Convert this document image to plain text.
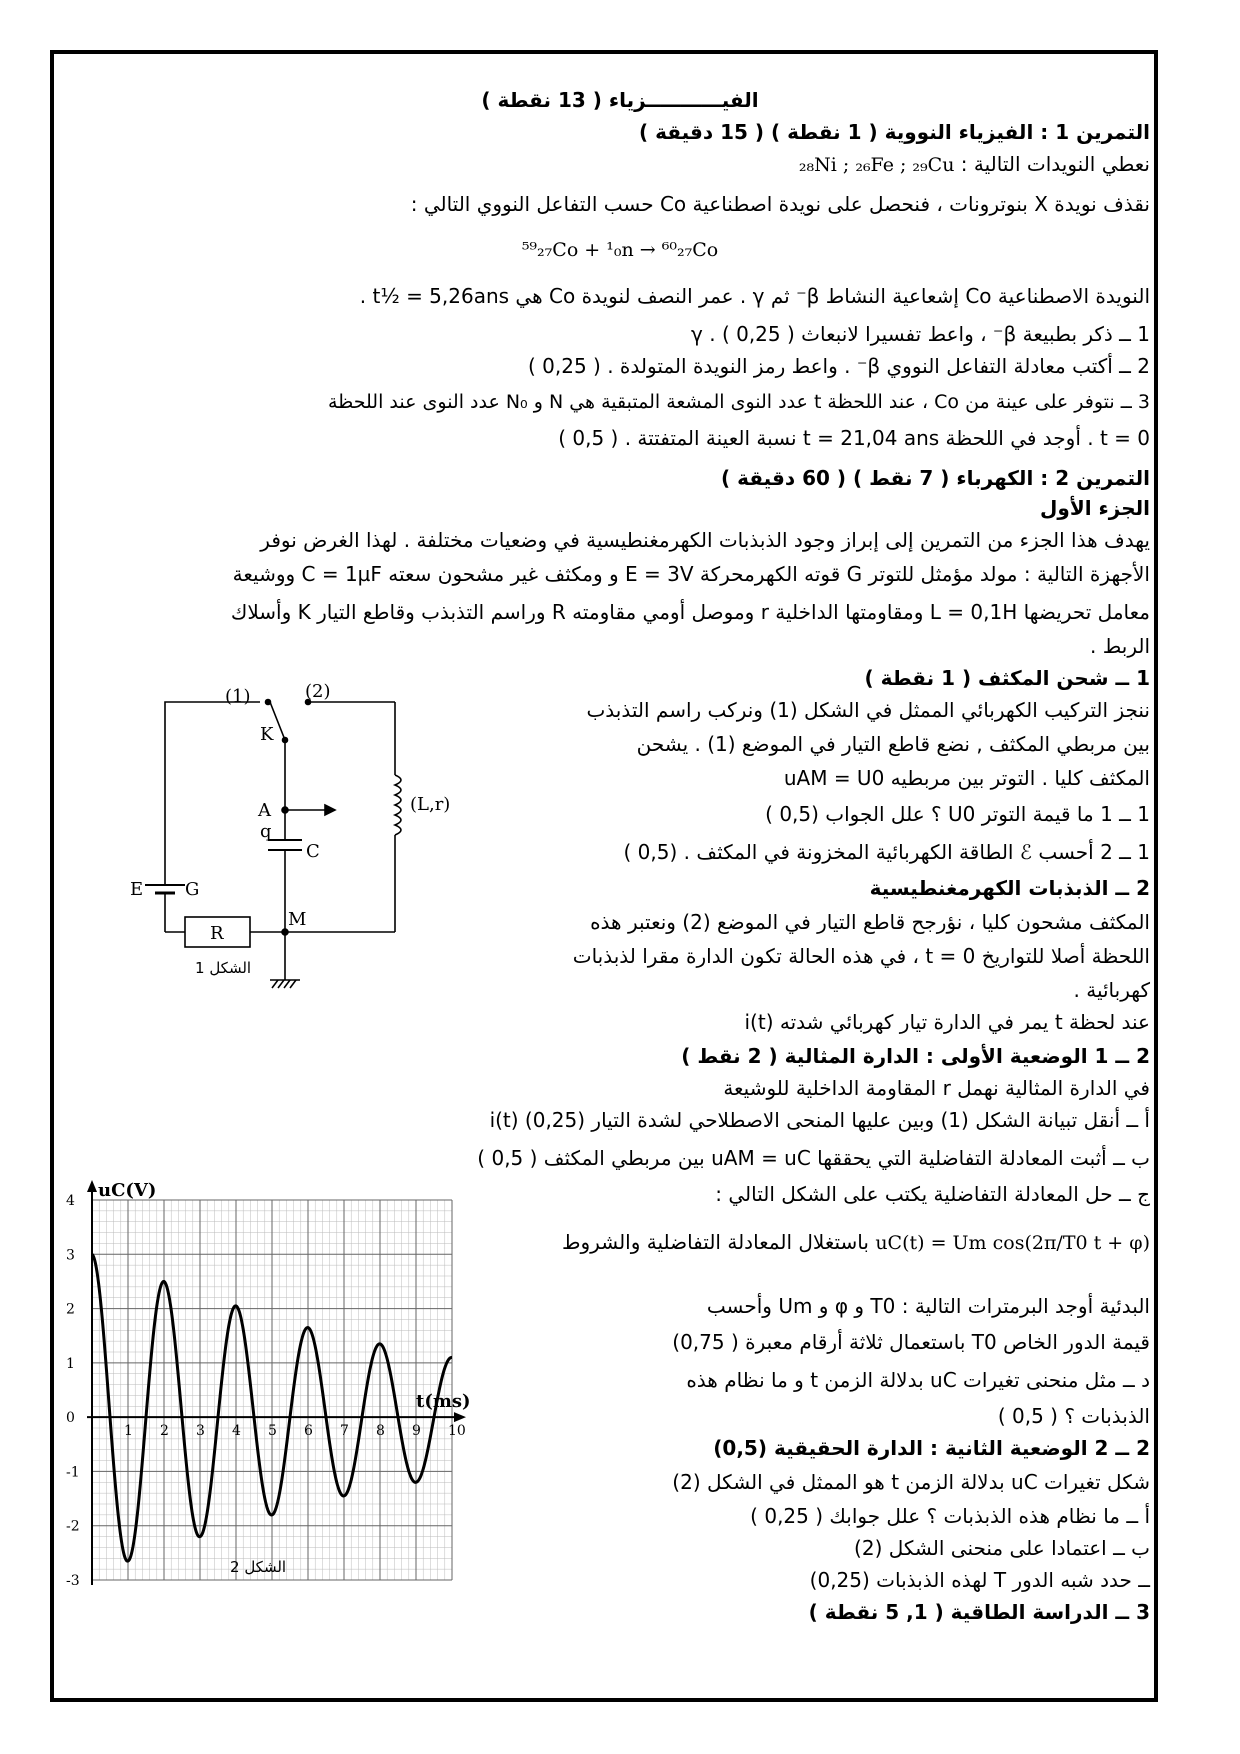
الفيـــــــــــزياء ( 13 نقطة )
التمرين 1 : الفيزياء النووية ( 1 نقطة ) ( 15 دقيقة )
نعطي النويدات التالية : ₂₈Ni ; ₂₆Fe ; ₂₉Cu
نقذف نويدة X بنوترونات ، فنحصل على نويدة اصطناعية Co حسب التفاعل النووي التالي :
⁵⁹₂₇Co + ¹₀n → ⁶⁰₂₇Co
النويدة الاصطناعية Co إشعاعية النشاط β⁻ ثم γ . عمر النصف لنويدة Co هي t½ = 5,26ans .
1 ــ ذكر بطبيعة β⁻ ، واعط تفسيرا لانبعاث γ . ( 0,25 )
2 ــ أكتب معادلة التفاعل النووي β⁻ . واعط رمز النويدة المتولدة . ( 0,25 )
3 ــ نتوفر على عينة من Co ، عند اللحظة t عدد النوى المشعة المتبقية هي N و N₀ عدد النوى عند اللحظة
t = 0 . أوجد في اللحظة t = 21,04 ans نسبة العينة المتفتتة . ( 0,5 )
التمرين 2 : الكهرباء ( 7 نقط ) ( 60 دقيقة )
الجزء الأول
يهدف هذا الجزء من التمرين إلى إبراز وجود الذبذبات الكهرمغنطيسية في وضعيات مختلفة . لهذا الغرض نوفر
الأجهزة التالية : مولد مؤمثل للتوتر G قوته الكهرمحركة E = 3V و ومكثف غير مشحون سعته C = 1µF ووشيعة
معامل تحريضها L = 0,1H ومقاومتها الداخلية r وموصل أومي مقاومته R وراسم التذبذب وقاطع التيار K وأسلاك
الربط .
1 ــ شحن المكثف ( 1 نقطة )
ننجز التركيب الكهربائي الممثل في الشكل (1) ونركب راسم التذبذب
بين مربطي المكثف , نضع قاطع التيار في الموضع (1) . يشحن
المكثف كليا . التوتر بين مربطيه uAM = U0
1 ــ 1 ما قيمة التوتر U0 ؟ علل الجواب (0,5 )
1 ــ 2 أحسب ℰ الطاقة الكهربائية المخزونة في المكثف . (0,5 )
2 ــ الذبذبات الكهرمغنطيسية
المكثف مشحون كليا ، نؤرجح قاطع التيار في الموضع (2) ونعتبر هذه
اللحظة أصلا للتواريخ t = 0 ، في هذه الحالة تكون الدارة مقرا لذبذبات
كهربائية .
عند لحظة t يمر في الدارة تيار كهربائي شدته i(t)
2 ــ 1 الوضعية الأولى : الدارة المثالية ( 2 نقط )
في الدارة المثالية نهمل r المقاومة الداخلية للوشيعة
أ ــ أنقل تبيانة الشكل (1) وبين عليها المنحى الاصطلاحي لشدة التيار i(t) (0,25)
ب ــ أثبت المعادلة التفاضلية التي يحققها uAM = uC بين مربطي المكثف ( 0,5 )
ج ــ حل المعادلة التفاضلية يكتب على الشكل التالي :
uC(t) = Um cos(2π/T0 t + φ) باستغلال المعادلة التفاضلية والشروط
البدئية أوجد البرمترات التالية : T0 و φ و Um وأحسب
قيمة الدور الخاص T0 باستعمال ثلاثة أرقام معبرة ( 0,75)
د ــ مثل منحنى تغيرات uC بدلالة الزمن t و ما نظام هذه
الذبذبات ؟ ( 0,5 )
2 ــ 2 الوضعية الثانية : الدارة الحقيقية (0,5)
شكل تغيرات uC بدلالة الزمن t هو الممثل في الشكل (2)
أ ــ ما نظام هذه الذبذبات ؟ علل جوابك ( 0,25 )
ب ــ اعتمادا على منحنى الشكل (2)
ــ حدد شبه الدور T لهذه الذبذبات (0,25)
3 ــ الدراسة الطاقية ( 1, 5 نقطة )
(1)	(2)
K
E G
A
q
C
R
M
(L,r)
الشكل 1
1 2 3 4 5 6 7 8 9 10
-3
-2
-1
0
1
2
3
4 uC(V)
t(ms)
الشكل 2
